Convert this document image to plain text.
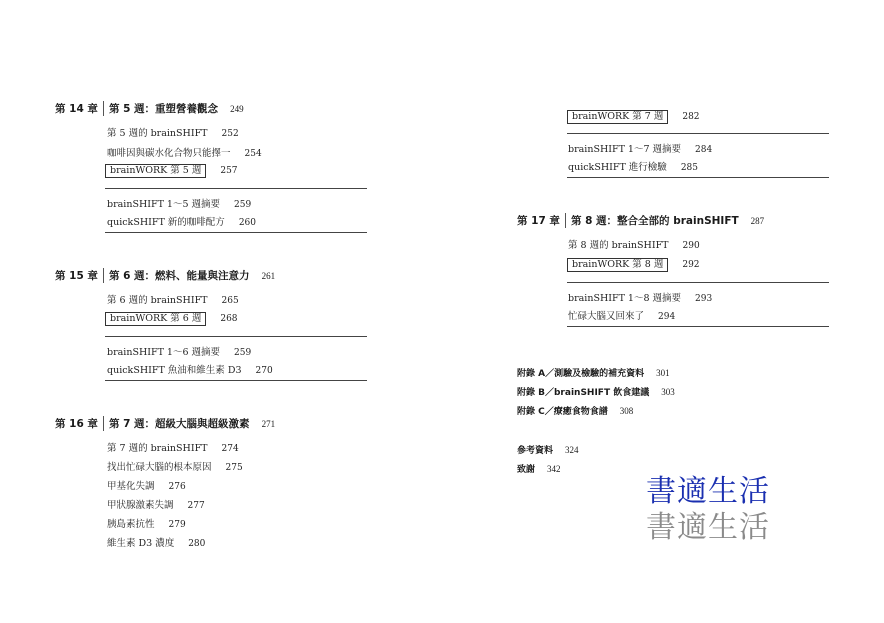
第 14 章 第 5 週：重塑營養觀念 249
第 5 週的 brainSHIFT 252
咖啡因與碳水化合物只能擇一 254
brainWORK 第 5 週 257
brainSHIFT 1～5 週摘要 259
quickSHIFT 新的咖啡配方 260
第 15 章 第 6 週：燃料、能量與注意力 261
第 6 週的 brainSHIFT 265
brainWORK 第 6 週 268
brainSHIFT 1～6 週摘要 259
quickSHIFT 魚油和維生素 D3 270
第 16 章 第 7 週：超級大腦與超級激素 271
第 7 週的 brainSHIFT 274
找出忙碌大腦的根本原因 275
甲基化失調 276
甲狀腺激素失調 277
胰島素抗性 279
維生素 D3 濃度 280
brainWORK 第 7 週 282
brainSHIFT 1～7 週摘要 284
quickSHIFT 進行檢驗 285
第 17 章 第 8 週：整合全部的 brainSHIFT 287
第 8 週的 brainSHIFT 290
brainWORK 第 8 週 292
brainSHIFT 1～8 週摘要 293
忙碌大腦又回來了 294
附錄 A／測驗及檢驗的補充資料 301
附錄 B／brainSHIFT 飲食建議 303
附錄 C／療癒食物食譜 308
參考資料 324
致謝 342
書適生活
書適生活
